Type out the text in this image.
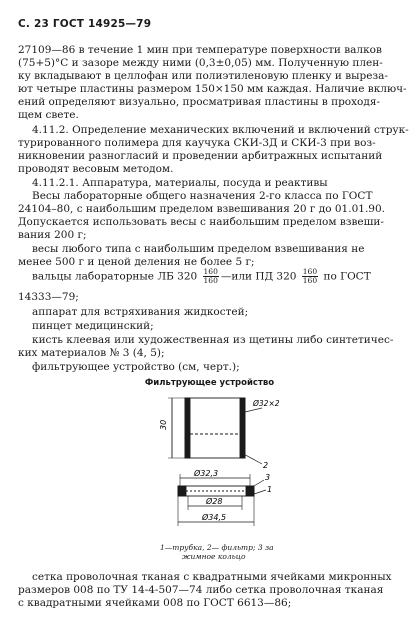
С. 23 ГОСТ 14925—79
27109—86 в течение 1 мин при температуре поверхности валков
(75+5)°С и зазоре между ними (0,3±0,05) мм. Полученную плен-
ку вкладывают в целлофан или полиэтиленовую пленку и выреза-
ют четыре пластины размером 150×150 мм каждая. Наличие включ-
ений определяют визуально, просматривая пластины в проходя-
щем свете.
4.11.2. Определение механических включений и включений струк-
турированного полимера для каучука СКИ-3Д и СКИ-3 при воз-
никновении разногласий и проведении арбитражных испытаний
проводят весовым методом.
4.11.2.1. Аппаратура, материалы, посуда и реактивы
Весы лабораторные общего назначения 2-го класса по ГОСТ
24104–80, с наибольшим пределом взвешивания 20 г до 01.01.90.
Допускается использовать весы с наибольшим пределом взвеши-
вания 200 г;
весы любого типа с наибольшим пределом взвешивания не
менее 500 г и ценой деления не более 5 г;
вальцы лабораторные ЛБ $320 \frac{160}{160}$ —или ПД $320 \frac{160}{160}$ по ГОСТ
14333—79;
аппарат для встряхивания жидкостей;
пинцет медицинский;
кисть клеевая или художественная из щетины либо синтетичес-
ких материалов № 3 (4, 5);
фильтрующее устройство (см, черт.);
Фильтрующее устройство
30
Ø32×2
2
Ø32,3	3
1
Ø28
Ø34,5
1—трубка, 2— фильтр; 3 за
жимное кольцо
сетка проволочная тканая с квадратными ячейками микронных
размеров 008 по ТУ 14-4-507—74 либо сетка проволочная тканая
с квадратными ячейками 008 по ГОСТ 6613—86;
